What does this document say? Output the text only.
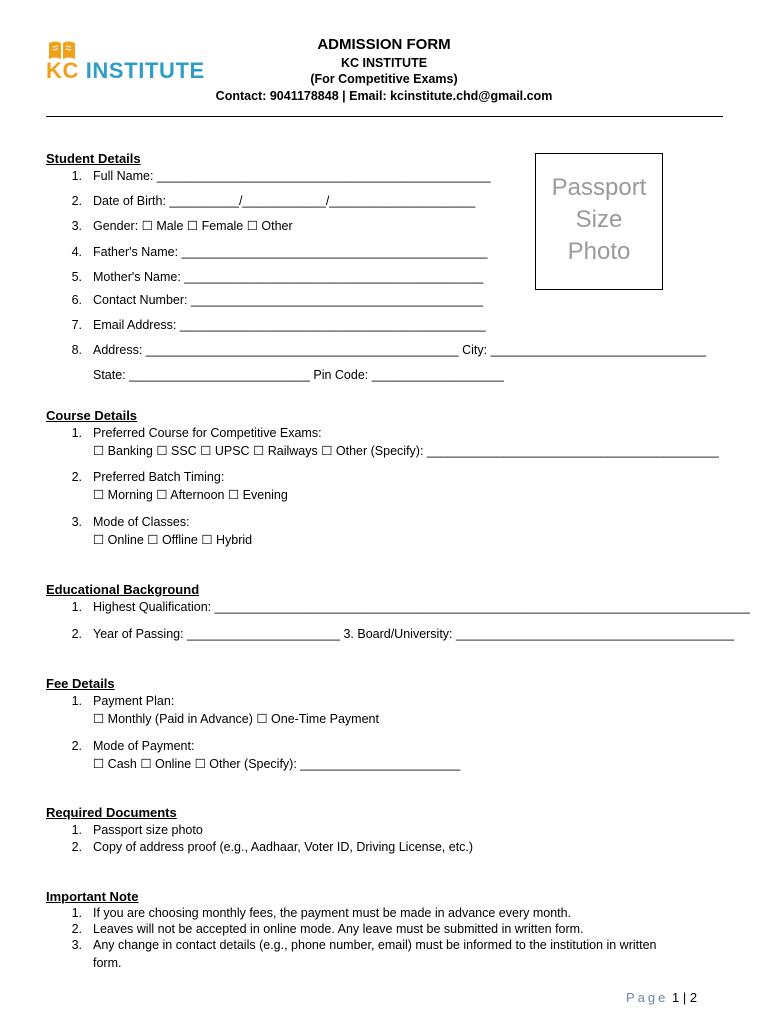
KC INSTITUTE
ADMISSION FORM
KC INSTITUTE
(For Competitive Exams)
Contact: 9041178848 | Email: kcinstitute.chd@gmail.com
Passport
Size
Photo
Student Details
1. Full Name: ________________________________________________
2. Date of Birth: __________/____________/_____________________
3. Gender: ☐ Male ☐ Female ☐ Other
4. Father's Name: ____________________________________________
5. Mother's Name: ___________________________________________
6. Contact Number: __________________________________________
7. Email Address: ____________________________________________
8. Address: _____________________________________________ City: _______________________________
State: __________________________ Pin Code: ___________________
Course Details
1. Preferred Course for Competitive Exams:
☐ Banking ☐ SSC ☐ UPSC ☐ Railways ☐ Other (Specify): __________________________________________
2. Preferred Batch Timing:
☐ Morning ☐ Afternoon ☐ Evening
3. Mode of Classes:
☐ Online ☐ Offline ☐ Hybrid
Educational Background
1. Highest Qualification: _____________________________________________________________________________
2. Year of Passing: ______________________ 3. Board/University: ________________________________________
Fee Details
1. Payment Plan:
☐ Monthly (Paid in Advance) ☐ One-Time Payment
2. Mode of Payment:
☐ Cash ☐ Online ☐ Other (Specify): _______________________
Required Documents
1. Passport size photo
2. Copy of address proof (e.g., Aadhaar, Voter ID, Driving License, etc.)
Important Note
1. If you are choosing monthly fees, the payment must be made in advance every month.
2. Leaves will not be accepted in online mode. Any leave must be submitted in written form.
3. Any change in contact details (e.g., phone number, email) must be informed to the institution in written
form.
Page 1 | 2
